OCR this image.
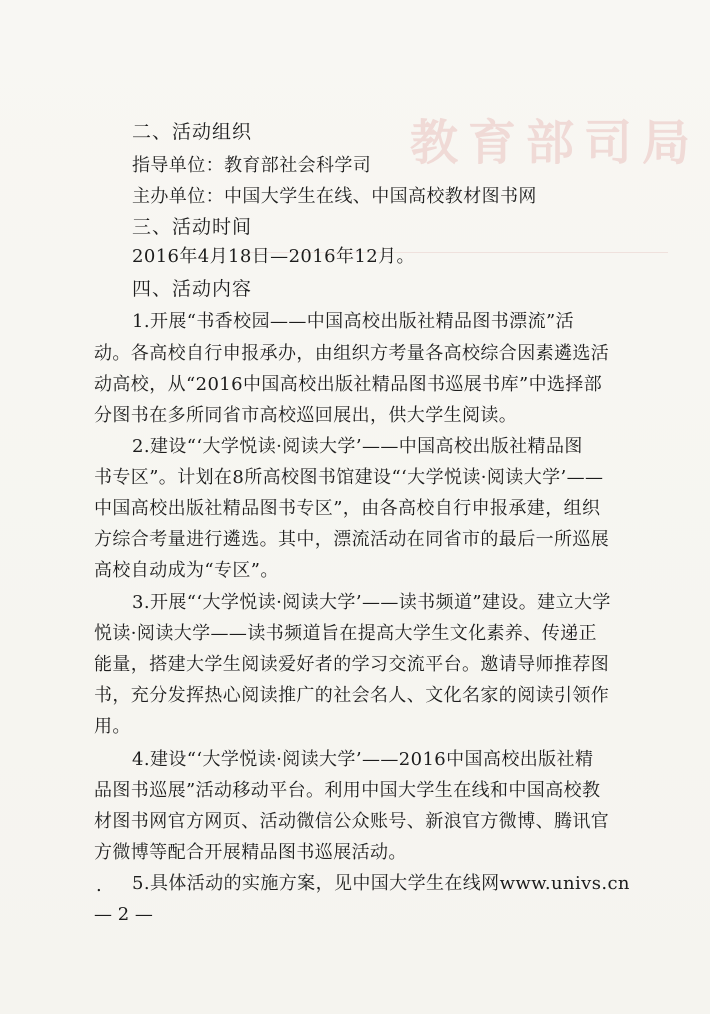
教育部司局
二、活动组织
指导单位：教育部社会科学司
主办单位：中国大学生在线、中国高校教材图书网
三、活动时间
2016年4月18日—2016年12月。
四、活动内容
1.开展“书香校园——中国高校出版社精品图书漂流”活
动。各高校自行申报承办，由组织方考量各高校综合因素遴选活
动高校，从“2016中国高校出版社精品图书巡展书库”中选择部
分图书在多所同省市高校巡回展出，供大学生阅读。
2.建设“‘大学悦读·阅读大学’——中国高校出版社精品图
书专区”。计划在8所高校图书馆建设“‘大学悦读·阅读大学’——
中国高校出版社精品图书专区”，由各高校自行申报承建，组织
方综合考量进行遴选。其中，漂流活动在同省市的最后一所巡展
高校自动成为“专区”。
3.开展“‘大学悦读·阅读大学’——读书频道”建设。建立大学
悦读·阅读大学——读书频道旨在提高大学生文化素养、传递正
能量，搭建大学生阅读爱好者的学习交流平台。邀请导师推荐图
书，充分发挥热心阅读推广的社会名人、文化名家的阅读引领作
用。
4.建设“‘大学悦读·阅读大学’——2016中国高校出版社精
品图书巡展”活动移动平台。利用中国大学生在线和中国高校教
材图书网官方网页、活动微信公众账号、新浪官方微博、腾讯官
方微博等配合开展精品图书巡展活动。
. 5.具体活动的实施方案，见中国大学生在线网www.univs.cn
— 2 —
